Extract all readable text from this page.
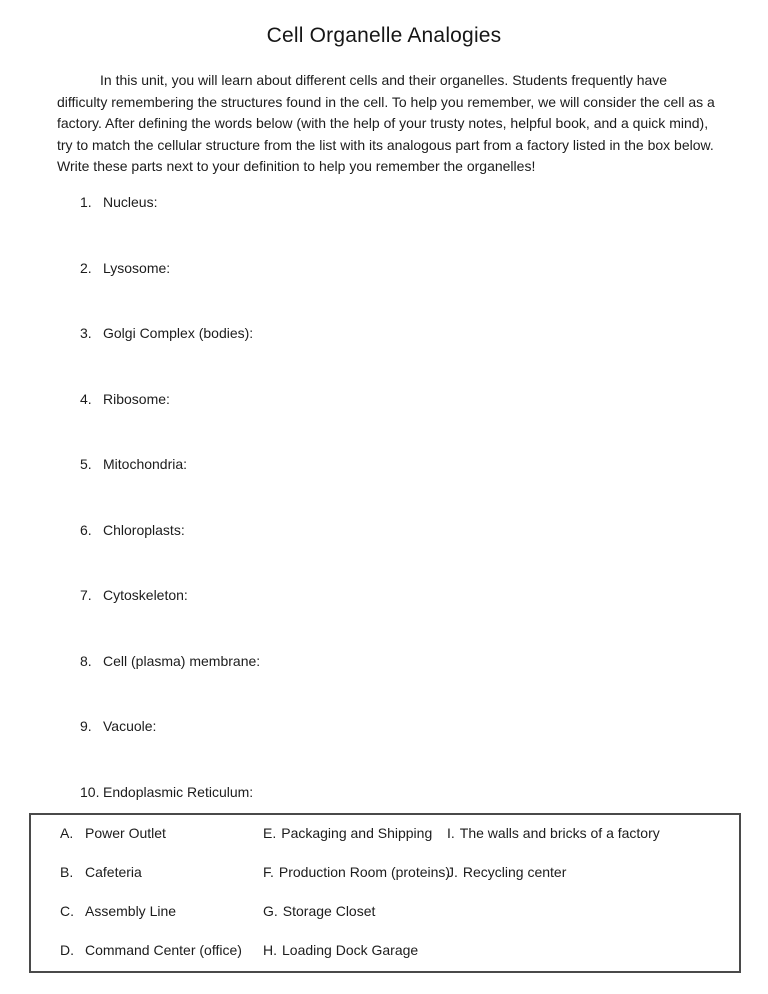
Cell Organelle Analogies
In this unit, you will learn about different cells and their organelles. Students frequently have difficulty remembering the structures found in the cell. To help you remember, we will consider the cell as a factory. After defining the words below (with the help of your trusty notes, helpful book, and a quick mind), try to match the cellular structure from the list with its analogous part from a factory listed in the box below. Write these parts next to your definition to help you remember the organelles!
1. Nucleus:
2. Lysosome:
3. Golgi Complex (bodies):
4. Ribosome:
5. Mitochondria:
6. Chloroplasts:
7. Cytoskeleton:
8. Cell (plasma) membrane:
9. Vacuole:
10. Endoplasmic Reticulum:
A. Power Outlet
B. Cafeteria
C. Assembly Line
D. Command Center (office)
E. Packaging and Shipping
F. Production Room (proteins)
G. Storage Closet
H. Loading Dock Garage
I. The walls and bricks of a factory
J. Recycling center
